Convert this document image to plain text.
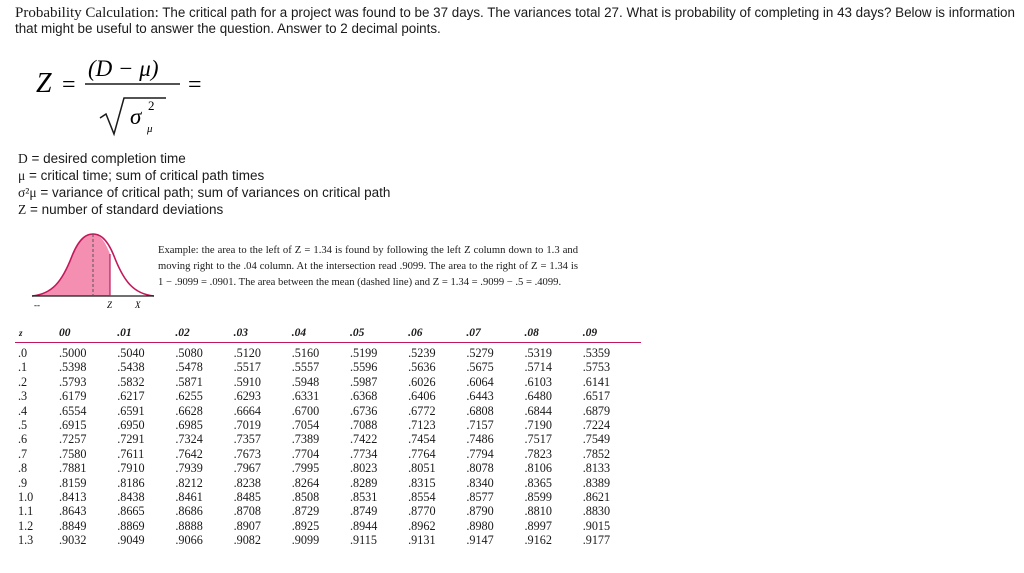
Probability Calculation: The critical path for a project was found to be 37 days. The variances total 27. What is probability of completing in 43 days? Below is information that might be useful to answer the question. Answer to 2 decimal points.
Z =
(D − μ)
σ 2
μ
=
D = desired completion time
μ = critical time; sum of critical path times
σ²μ = variance of critical path; sum of variances on critical path
Z = number of standard deviations
--	Z	X
Example: the area to the left of Z = 1.34 is found by following the left Z column down to 1.3 and moving right to the .04 column. At the intersection read .9099. The area to the right of Z = 1.34 is 1 − .9099 = .0901. The area between the mean (dashed line) and Z = 1.34 = .9099 − .5 = .4099.
z	00	.01	.02	.03	.04	.05	.06	.07	.08	.09
.0	.5000	.5040	.5080	.5120	.5160	.5199	.5239	.5279	.5319	.5359
.1	.5398	.5438	.5478	.5517	.5557	.5596	.5636	.5675	.5714	.5753
.2	.5793	.5832	.5871	.5910	.5948	.5987	.6026	.6064	.6103	.6141
.3	.6179	.6217	.6255	.6293	.6331	.6368	.6406	.6443	.6480	.6517
.4	.6554	.6591	.6628	.6664	.6700	.6736	.6772	.6808	.6844	.6879
.5	.6915	.6950	.6985	.7019	.7054	.7088	.7123	.7157	.7190	.7224
.6	.7257	.7291	.7324	.7357	.7389	.7422	.7454	.7486	.7517	.7549
.7	.7580	.7611	.7642	.7673	.7704	.7734	.7764	.7794	.7823	.7852
.8	.7881	.7910	.7939	.7967	.7995	.8023	.8051	.8078	.8106	.8133
.9	.8159	.8186	.8212	.8238	.8264	.8289	.8315	.8340	.8365	.8389
1.0	.8413	.8438	.8461	.8485	.8508	.8531	.8554	.8577	.8599	.8621
1.1	.8643	.8665	.8686	.8708	.8729	.8749	.8770	.8790	.8810	.8830
1.2	.8849	.8869	.8888	.8907	.8925	.8944	.8962	.8980	.8997	.9015
1.3	.9032	.9049	.9066	.9082	.9099	.9115	.9131	.9147	.9162	.9177
